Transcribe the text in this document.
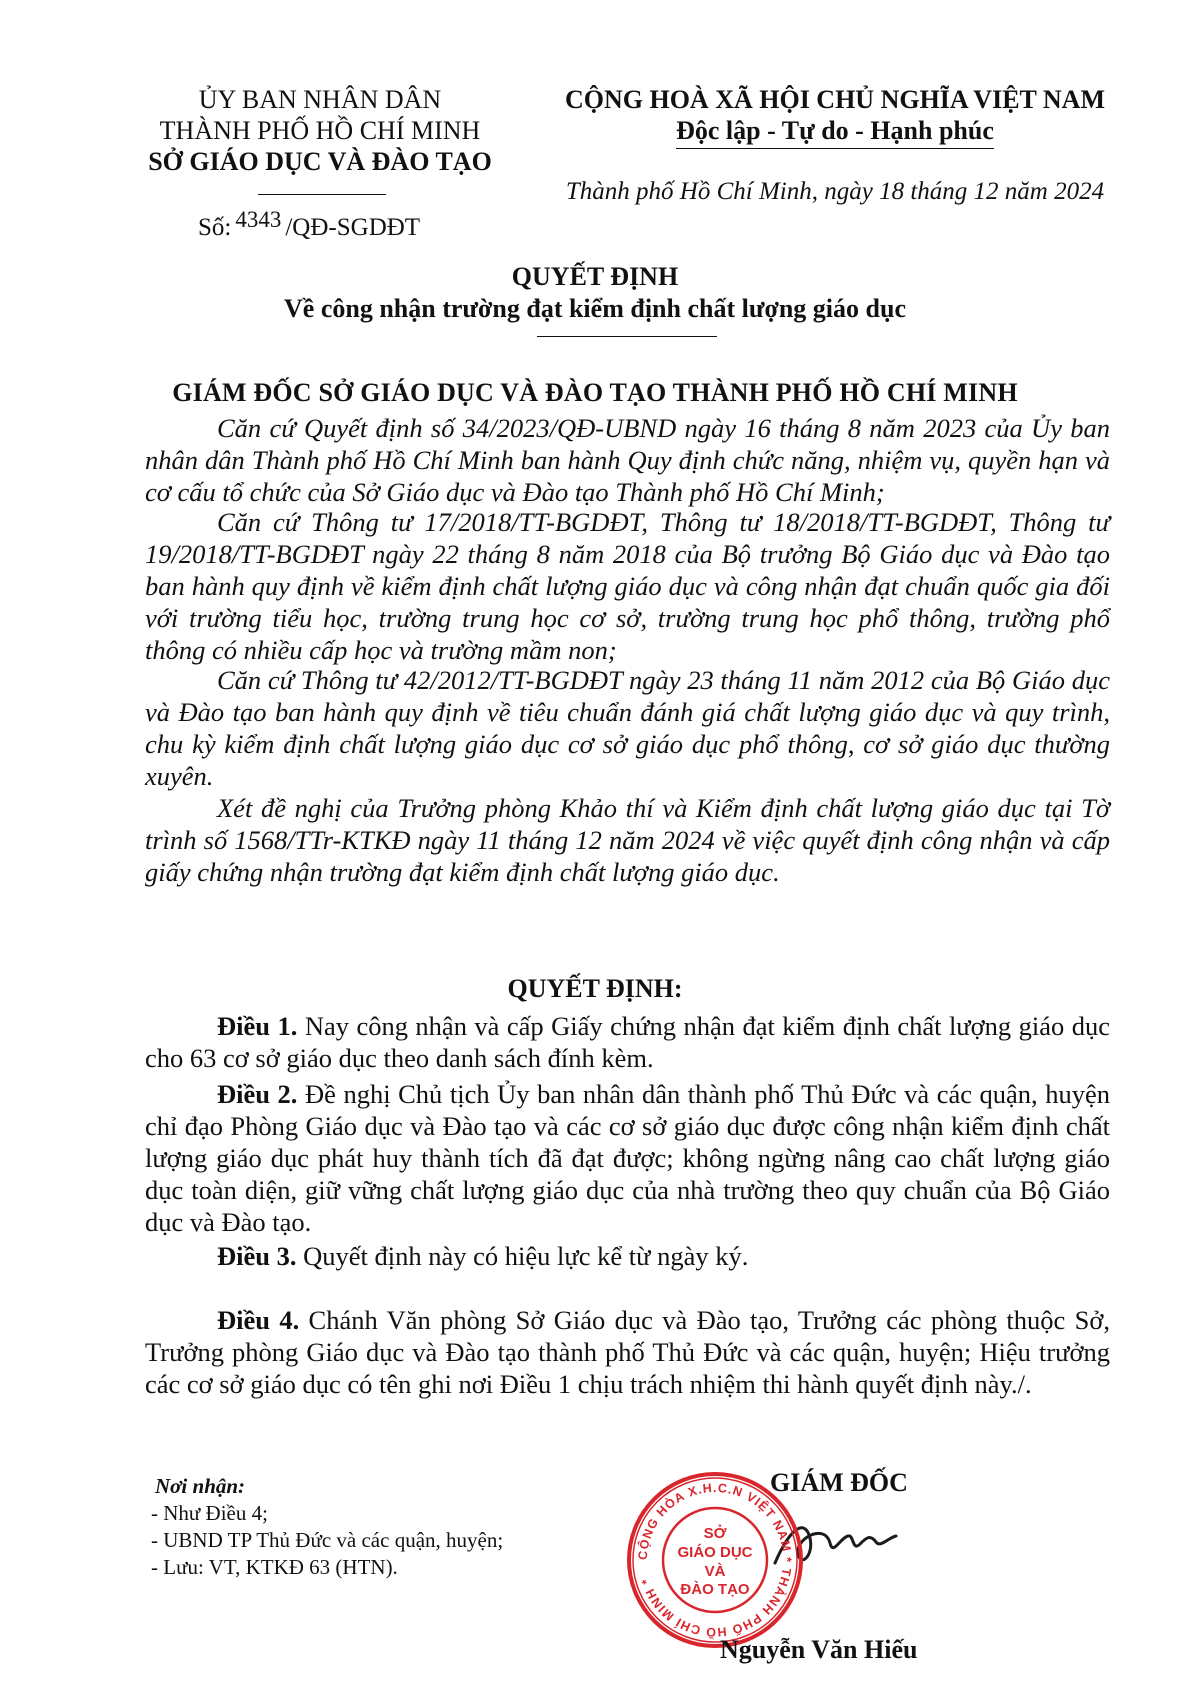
ỦY BAN NHÂN DÂN
THÀNH PHỐ HỒ CHÍ MINH
SỞ GIÁO DỤC VÀ ĐÀO TẠO
Số: 4343 /QĐ-SGDĐT
CỘNG HOÀ XÃ HỘI CHỦ NGHĨA VIỆT NAM
Độc lập - Tự do - Hạnh phúc
Thành phố Hồ Chí Minh, ngày 18 tháng 12 năm 2024
QUYẾT ĐỊNH
Về công nhận trường đạt kiểm định chất lượng giáo dục
GIÁM ĐỐC SỞ GIÁO DỤC VÀ ĐÀO TẠO THÀNH PHỐ HỒ CHÍ MINH
Căn cứ Quyết định số 34/2023/QĐ-UBND ngày 16 tháng 8 năm 2023 của Ủy ban nhân dân Thành phố Hồ Chí Minh ban hành Quy định chức năng, nhiệm vụ, quyền hạn và cơ cấu tổ chức của Sở Giáo dục và Đào tạo Thành phố Hồ Chí Minh;
Căn cứ Thông tư 17/2018/TT-BGDĐT, Thông tư 18/2018/TT-BGDĐT, Thông tư 19/2018/TT-BGDĐT ngày 22 tháng 8 năm 2018 của Bộ trưởng Bộ Giáo dục và Đào tạo ban hành quy định về kiểm định chất lượng giáo dục và công nhận đạt chuẩn quốc gia đối với trường tiểu học, trường trung học cơ sở, trường trung học phổ thông, trường phổ thông có nhiều cấp học và trường mầm non;
Căn cứ Thông tư 42/2012/TT-BGDĐT ngày 23 tháng 11 năm 2012 của Bộ Giáo dục và Đào tạo ban hành quy định về tiêu chuẩn đánh giá chất lượng giáo dục và quy trình, chu kỳ kiểm định chất lượng giáo dục cơ sở giáo dục phổ thông, cơ sở giáo dục thường xuyên.
Xét đề nghị của Trưởng phòng Khảo thí và Kiểm định chất lượng giáo dục tại Tờ trình số 1568/TTr-KTKĐ ngày 11 tháng 12 năm 2024 về việc quyết định công nhận và cấp giấy chứng nhận trường đạt kiểm định chất lượng giáo dục.
QUYẾT ĐỊNH:
Điều 1. Nay công nhận và cấp Giấy chứng nhận đạt kiểm định chất lượng giáo dục cho 63 cơ sở giáo dục theo danh sách đính kèm.
Điều 2. Đề nghị Chủ tịch Ủy ban nhân dân thành phố Thủ Đức và các quận, huyện chỉ đạo Phòng Giáo dục và Đào tạo và các cơ sở giáo dục được công nhận kiểm định chất lượng giáo dục phát huy thành tích đã đạt được; không ngừng nâng cao chất lượng giáo dục toàn diện, giữ vững chất lượng giáo dục của nhà trường theo quy chuẩn của Bộ Giáo dục và Đào tạo.
Điều 3. Quyết định này có hiệu lực kể từ ngày ký.
Điều 4. Chánh Văn phòng Sở Giáo dục và Đào tạo, Trưởng các phòng thuộc Sở, Trưởng phòng Giáo dục và Đào tạo thành phố Thủ Đức và các quận, huyện; Hiệu trưởng các cơ sở giáo dục có tên ghi nơi Điều 1 chịu trách nhiệm thi hành quyết định này./.
Nơi nhận:
- Như Điều 4;
- UBND TP Thủ Đức và các quận, huyện;
- Lưu: VT, KTKĐ 63 (HTN).
GIÁM ĐỐC
CỘNG HÒA X.H.C.N VIỆT NAM * THÀNH PHỐ HỒ CHÍ MINH *
SỞ
GIÁO DỤC
VÀ
ĐÀO TẠO
Nguyễn Văn Hiếu
